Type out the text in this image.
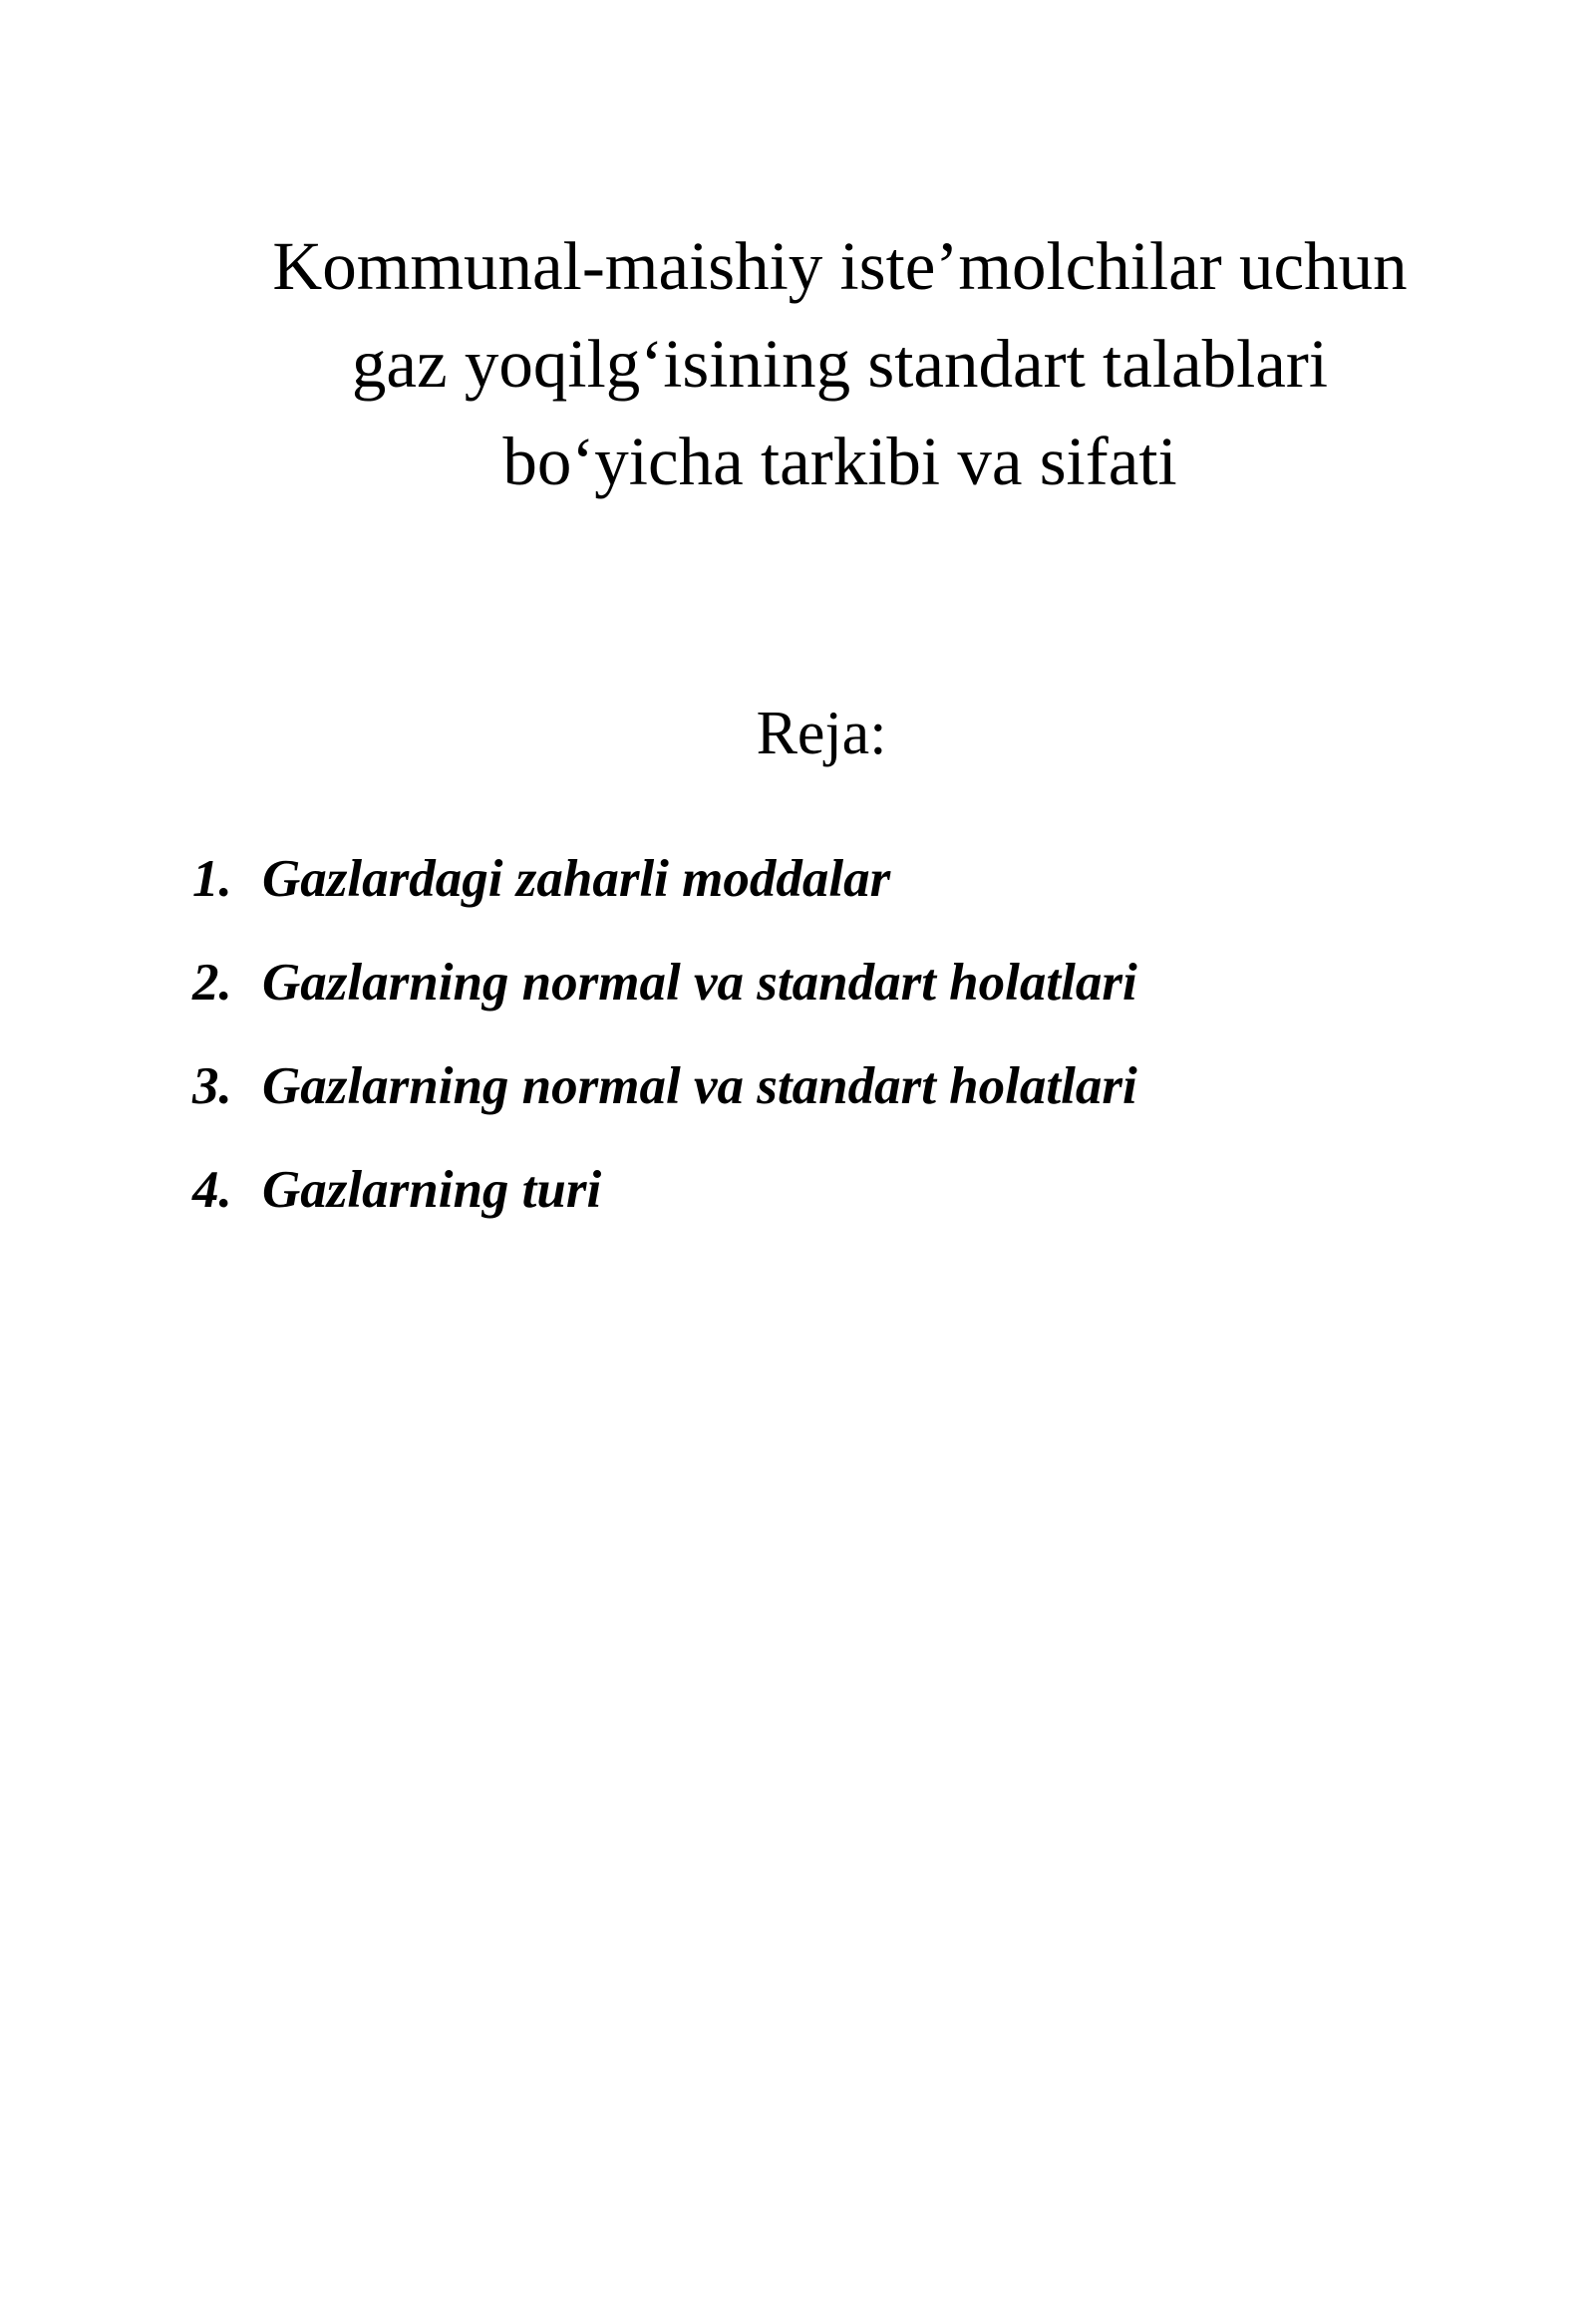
Kommunal-maishiy iste’molchilar uchun
gaz yoqilg‘isining standart talablari
bo‘yicha tarkibi va sifati

Reja:

1. Gazlardagi zaharli moddalar
2. Gazlarning normal va standart holatlari
3. Gazlarning normal va standart holatlari
4. Gazlarning turi
